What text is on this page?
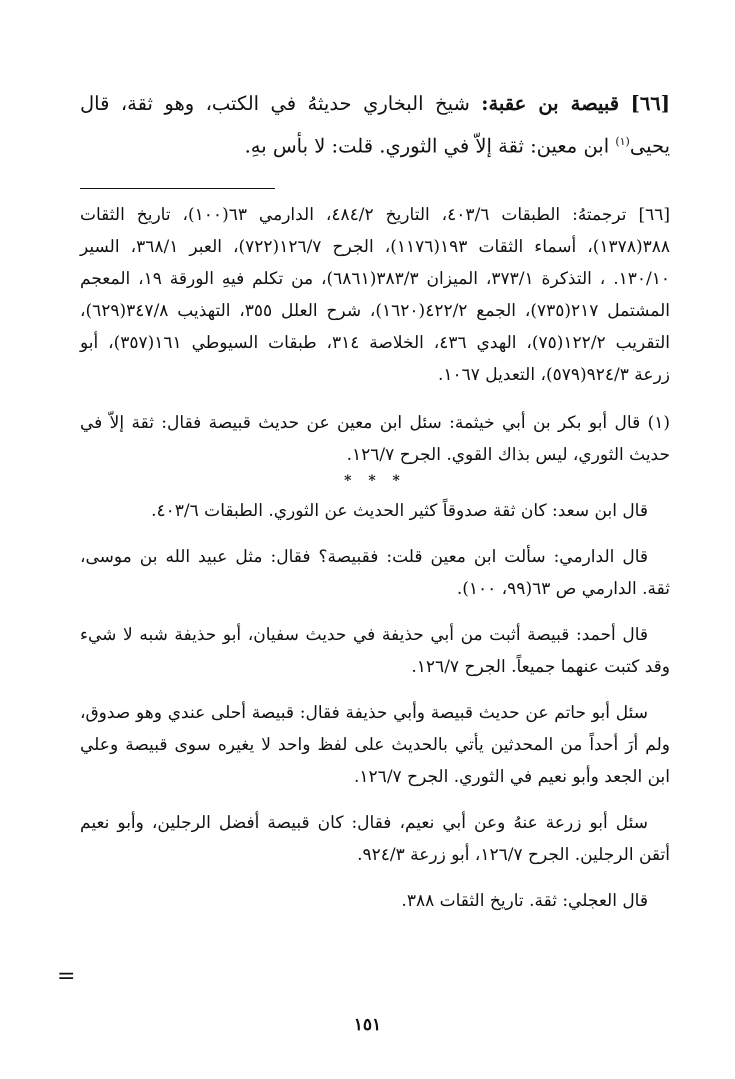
[٦٦] قبيصة بن عقبة: شيخ البخاري حديثهُ في الكتب، وهو ثقة، قال يحيى$^{(١)}$ ابن معين: ثقة إلاّ في الثوري. قلت: لا بأس بهِ.

[٦٦] ترجمتهُ: الطبقات ٤٠٣/٦، التاريخ ٤٨٤/٢، الدارمي ٦٣(١٠٠)، تاريخ الثقات ٣٨٨(١٣٧٨)، أسماء الثقات ١٩٣(١١٧٦)، الجرح ١٢٦/٧(٧٢٢)، العبر ٣٦٨/١، السير ١٣٠/١٠. ، التذكرة ٣٧٣/١، الميزان ٣٨٣/٣(٦٨٦١)، من تكلم فيهِ الورقة ١٩، المعجم المشتمل ٢١٧(٧٣٥)، الجمع ٤٢٢/٢(١٦٢٠)، شرح العلل ٣٥٥، التهذيب ٣٤٧/٨(٦٢٩)، التقريب ١٢٢/٢(٧٥)، الهدي ٤٣٦، الخلاصة ٣١٤، طبقات السيوطي ١٦١(٣٥٧)، أبو زرعة ٩٢٤/٣(٥٧٩)، التعديل ١٠٦٧.

(١) قال أبو بكر بن أبي خيثمة: سئل ابن معين عن حديث قبيصة فقال: ثقة إلاّ في حديث الثوري، ليس بذاك القوي. الجرح ١٢٦/٧.

* * *

قال ابن سعد: كان ثقة صدوقاً كثير الحديث عن الثوري. الطبقات ٤٠٣/٦.

قال الدارمي: سألت ابن معين قلت: فقبيصة؟ فقال: مثل عبيد الله بن موسى، ثقة. الدارمي ص ٦٣(٩٩، ١٠٠).

قال أحمد: قبيصة أثبت من أبي حذيفة في حديث سفيان، أبو حذيفة شبه لا شيء وقد كتبت عنهما جميعاً. الجرح ١٢٦/٧.

سئل أبو حاتم عن حديث قبيصة وأبي حذيفة فقال: قبيصة أحلى عندي وهو صدوق، ولم أرَ أحداً من المحدثين يأتي بالحديث على لفظ واحد لا يغيره سوى قبيصة وعلي ابن الجعد وأبو نعيم في الثوري. الجرح ١٢٦/٧.

سئل أبو زرعة عنهُ وعن أبي نعيم، فقال: كان قبيصة أفضل الرجلين، وأبو نعيم أتقن الرجلين. الجرح ١٢٦/٧، أبو زرعة ٩٢٤/٣.

قال العجلي: ثقة. تاريخ الثقات ٣٨٨.

=
١٥١
